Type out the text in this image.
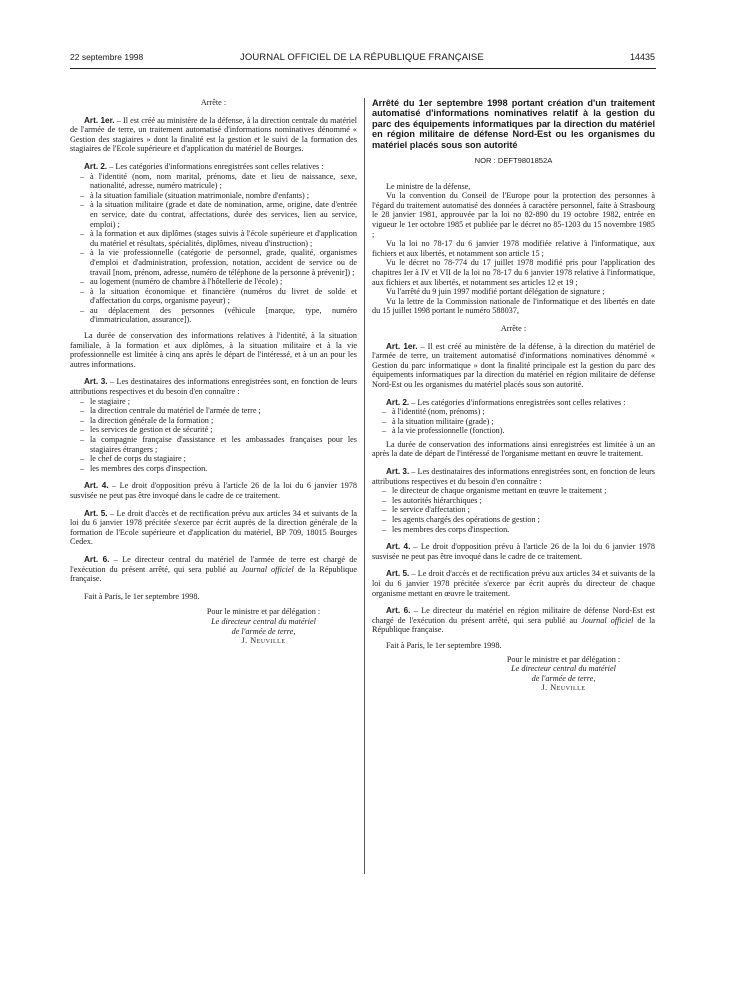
22 septembre 1998	JOURNAL OFFICIEL DE LA RÉPUBLIQUE FRANÇAISE	14435

Arrête :

Art. 1er. – Il est créé au ministère de la défense, à la direction centrale du matériel de l'armée de terre, un traitement automatisé d'informations nominatives dénommé « Gestion des stagiaires » dont la finalité est la gestion et le suivi de la formation des stagiaires de l'Ecole supérieure et d'application du matériel de Bourges.

Art. 2. – Les catégories d'informations enregistrées sont celles relatives :

– à l'identité (nom, nom marital, prénoms, date et lieu de naissance, sexe, nationalité, adresse, numéro matricule) ;

– à la situation familiale (situation matrimoniale, nombre d'enfants) ;

– à la situation militaire (grade et date de nomination, arme, origine, date d'entrée en service, date du contrat, affectations, durée des services, lien au service, emploi) ;

– à la formation et aux diplômes (stages suivis à l'école supérieure et d'application du matériel et résultats, spécialités, diplômes, niveau d'instruction) ;

– à la vie professionnelle (catégorie de personnel, grade, qualité, organismes d'emploi et d'administration, profession, notation, accident de service ou de travail [nom, prénom, adresse, numéro de téléphone de la personne à prévenir]) ;

– au logement (numéro de chambre à l'hôtellerie de l'école) ;

– à la situation économique et financière (numéros du livret de solde et d'affectation du corps, organisme payeur) ;

– au déplacement des personnes (véhicule [marque, type, numéro d'immatriculation, assurance]).

La durée de conservation des informations relatives à l'identité, à la situation familiale, à la formation et aux diplômes, à la situation militaire et à la vie professionnelle est limitée à cinq ans après le départ de l'intéressé, et à un an pour les autres informations.

Art. 3. – Les destinataires des informations enregistrées sont, en fonction de leurs attributions respectives et du besoin d'en connaître :

– le stagiaire ;

– la direction centrale du matériel de l'armée de terre ;

– la direction générale de la formation ;

– les services de gestion et de sécurité ;

– la compagnie française d'assistance et les ambassades françaises pour les stagiaires étrangers ;

– le chef de corps du stagiaire ;

– les membres des corps d'inspection.

Art. 4. – Le droit d'opposition prévu à l'article 26 de la loi du 6 janvier 1978 susvisée ne peut pas être invoqué dans le cadre de ce traitement.

Art. 5. – Le droit d'accès et de rectification prévu aux articles 34 et suivants de la loi du 6 janvier 1978 précitée s'exerce par écrit auprès de la direction générale de la formation de l'Ecole supérieure et d'application du matériel, BP 709, 18015 Bourges Cedex.

Art. 6. – Le directeur central du matériel de l'armée de terre est chargé de l'exécution du présent arrêté, qui sera publié au Journal officiel de la République française.

Fait à Paris, le 1er septembre 1998.

Pour le ministre et par délégation :

Le directeur central du matériel

de l'armée de terre,

J. Neuville

Arrêté du 1er septembre 1998 portant création d'un traitement automatisé d'informations nominatives relatif à la gestion du parc des équipements informatiques par la direction du matériel en région militaire de défense Nord-Est ou les organismes du matériel placés sous son autorité

NOR : DEFT9801852A

Le ministre de la défense,

Vu la convention du Conseil de l'Europe pour la protection des personnes à l'égard du traitement automatisé des données à caractère personnel, faite à Strasbourg le 28 janvier 1981, approuvée par la loi no 82-890 du 19 octobre 1982, entrée en vigueur le 1er octobre 1985 et publiée par le décret no 85-1203 du 15 novembre 1985 ;

Vu la loi no 78-17 du 6 janvier 1978 modifiée relative à l'informatique, aux fichiers et aux libertés, et notamment son article 15 ;

Vu le décret no 78-774 du 17 juillet 1978 modifié pris pour l'application des chapitres Ier à IV et VII de la loi no 78-17 du 6 janvier 1978 relative à l'informatique, aux fichiers et aux libertés, et notamment ses articles 12 et 19 ;

Vu l'arrêté du 9 juin 1997 modifié portant délégation de signature ;

Vu la lettre de la Commission nationale de l'informatique et des libertés en date du 15 juillet 1998 portant le numéro 588037,

Arrête :

Art. 1er. – Il est créé au ministère de la défense, à la direction du matériel de l'armée de terre, un traitement automatisé d'informations nominatives dénommé « Gestion du parc informatique » dont la finalité principale est la gestion du parc des équipements informatiques par la direction du matériel en région militaire de défense Nord-Est ou les organismes du matériel placés sous son autorité.

Art. 2. – Les catégories d'informations enregistrées sont celles relatives :

– à l'identité (nom, prénoms) ;

– à la situation militaire (grade) ;

– à la vie professionnelle (fonction).

La durée de conservation des informations ainsi enregistrées est limitée à un an après la date de départ de l'intéressé de l'organisme mettant en œuvre le traitement.

Art. 3. – Les destinataires des informations enregistrées sont, en fonction de leurs attributions respectives et du besoin d'en connaître :

– le directeur de chaque organisme mettant en œuvre le traitement ;

– les autorités hiérarchiques ;

– le service d'affectation ;

– les agents chargés des opérations de gestion ;

– les membres des corps d'inspection.

Art. 4. – Le droit d'opposition prévu à l'article 26 de la loi du 6 janvier 1978 susvisée ne peut pas être invoqué dans le cadre de ce traitement.

Art. 5. – Le droit d'accès et de rectification prévu aux articles 34 et suivants de la loi du 6 janvier 1978 précitée s'exerce par écrit auprès du directeur de chaque organisme mettant en œuvre le traitement.

Art. 6. – Le directeur du matériel en région militaire de défense Nord-Est est chargé de l'exécution du présent arrêté, qui sera publié au Journal officiel de la République française.

Fait à Paris, le 1er septembre 1998.

Pour le ministre et par délégation :

Le directeur central du matériel

de l'armée de terre,

J. Neuville
